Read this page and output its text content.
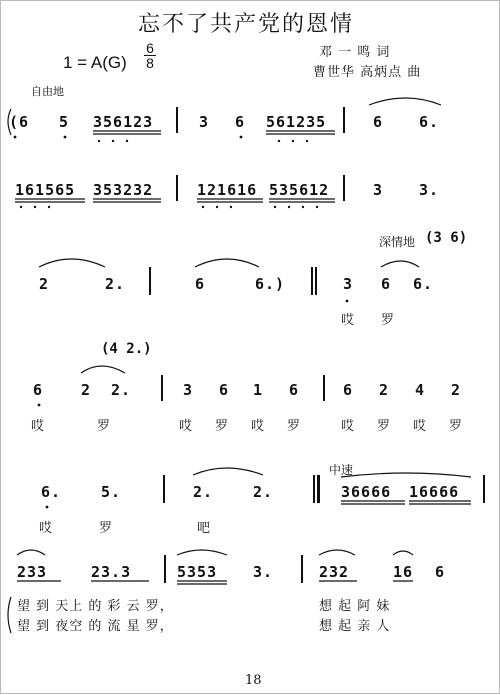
忘不了共产党的恩情
1 = A(G)
6
8
邓 一 鸣 词
曹世华 高炳点 曲
自由地
(6 5 356123	3 6 561235	6 6.
161565 353232	121616 535612	3 3.
深情地 (3 6)
2	2.	6	6.)	3 6 6.
哎 罗
(4 2.)
6	2 2.	3 6 1 6	6 2 4 2
哎	罗	哎 罗 哎 罗	哎 罗 哎 罗
中速
6.	5.	2.	2.	36666 16666
哎	罗	吧
233	23.3	5353 3.	232	16 6
望 到 天上 的 彩 云 罗，	想 起 阿 妹
望 到 夜空 的 流 星 罗，	想 起 亲 人
18
